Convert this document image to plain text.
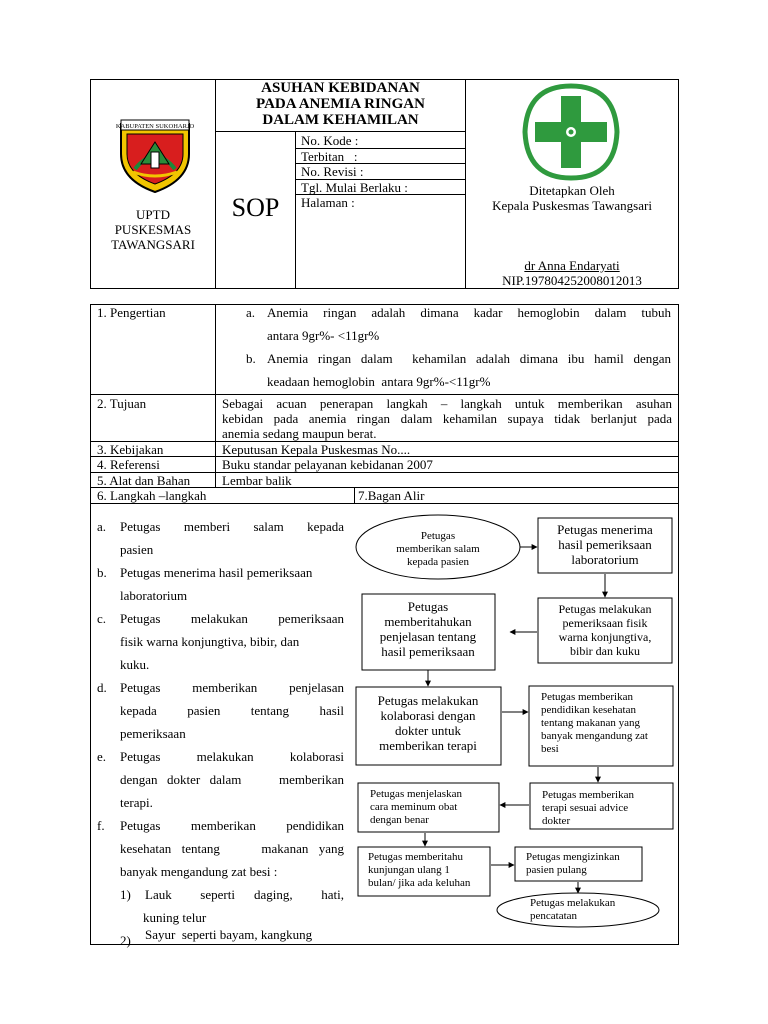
KABUPATEN SUKOHARJO
UPTD
PUSKESMAS
TAWANGSARI
ASUHAN KEBIDANAN
PADA ANEMIA RINGAN
DALAM KEHAMILAN
SOP
No. Kode :
Terbitan   :
No. Revisi :
Tgl. Mulai Berlaku :
Halaman :
Ditetapkan Oleh
Kepala Puskesmas Tawangsari
dr Anna Endaryati
NIP.197804252008012013
1. Pengertian
2. Tujuan
3. Kebijakan
4. Referensi
5. Alat dan Bahan
6. Langkah –langkah	7.Bagan Alir
a. Anemia ringan adalah dimana kadar hemoglobin dalam tubuh
antara 9gr%- <11gr%
b. Anemia ringan dalam  kehamilan adalah dimana ibu hamil dengan
keadaan hemoglobin  antara 9gr%-<11gr%
Sebagai acuan penerapan langkah – langkah untuk memberikan asuhan
kebidan pada anemia ringan dalam kehamilan supaya tidak berlanjut pada
anemia sedang maupun berat.
Keputusan Kepala Puskesmas No....
Buku standar pelayanan kebidanan 2007
Lembar balik
a. Petugas  memberi  salam  kepada
pasien
b. Petugas menerima hasil pemeriksaan
laboratorium
c. Petugas   melakukan   pemeriksaan
fisik warna konjungtiva, bibir, dan
kuku.
d. Petugas    memberikan    penjelasan
kepada    pasien    tentang    hasil
pemeriksaan
e. Petugas     melakukan     kolaborasi
dengan dokter dalam    memberikan
terapi.
f. Petugas    memberikan    pendidikan
kesehatan tentang    makanan yang
banyak mengandung zat besi :
1) Lauk   seperti  daging,   hati,
kuning telur
2) Sayur  seperti bayam, kangkung
Petugas
memberikan salam
kepada pasien
Petugas menerima
hasil pemeriksaan
laboratorium
Petugas melakukan
pemeriksaan fisik
warna konjungtiva,
bibir dan kuku
Petugas
memberitahukan
penjelasan tentang
hasil pemeriksaan
Petugas melakukan
kolaborasi dengan
dokter untuk
memberikan terapi
Petugas memberikan
pendidikan kesehatan
tentang makanan yang
banyak mengandung zat
besi
Petugas memberikan
terapi sesuai advice
dokter
Petugas menjelaskan
cara meminum obat
dengan benar
Petugas memberitahu
kunjungan ulang 1
bulan/ jika ada keluhan
Petugas mengizinkan
pasien pulang
Petugas melakukan
pencatatan
